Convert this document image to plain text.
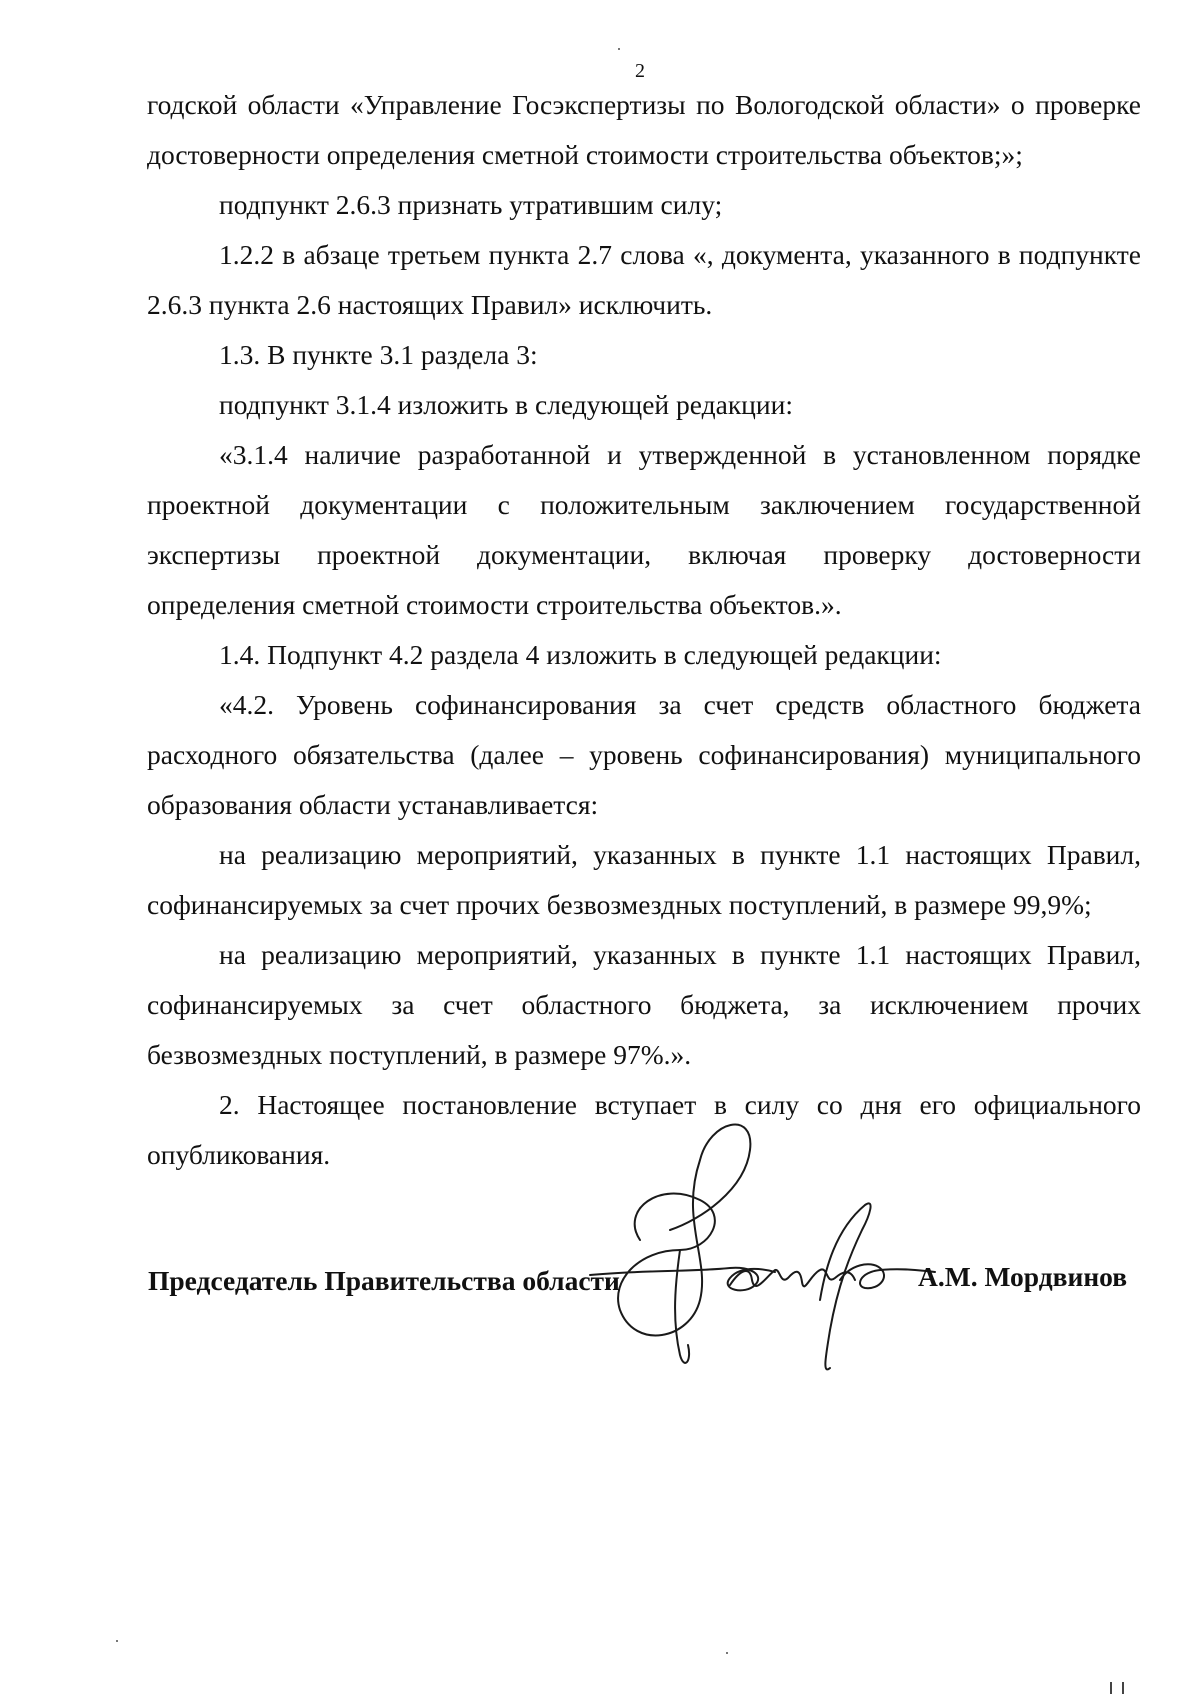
2

годской области «Управление Госэкспертизы по Вологодской области» о проверке достоверности определения сметной стоимости строительства объектов;»;

подпункт 2.6.3 признать утратившим силу;

1.2.2 в абзаце третьем пункта 2.7 слова «, документа, указанного в подпункте 2.6.3 пункта 2.6 настоящих Правил» исключить.

1.3. В пункте 3.1 раздела 3:

подпункт 3.1.4 изложить в следующей редакции:

«3.1.4 наличие разработанной и утвержденной в установленном порядке проектной документации с положительным заключением государственной экспертизы проектной документации, включая проверку достоверности определения сметной стоимости строительства объектов.».

1.4. Подпункт 4.2 раздела 4 изложить в следующей редакции:

«4.2. Уровень софинансирования за счет средств областного бюджета расходного обязательства (далее – уровень софинансирования) муниципального образования области устанавливается:

на реализацию мероприятий, указанных в пункте 1.1 настоящих Правил, софинансируемых за счет прочих безвозмездных поступлений, в размере 99,9%;

на реализацию мероприятий, указанных в пункте 1.1 настоящих Правил, софинансируемых за счет областного бюджета, за исключением прочих безвозмездных поступлений, в размере 97%.».

2. Настоящее постановление вступает в силу со дня его официального опубликования.

Председатель Правительства области	А.М. Мордвинов
